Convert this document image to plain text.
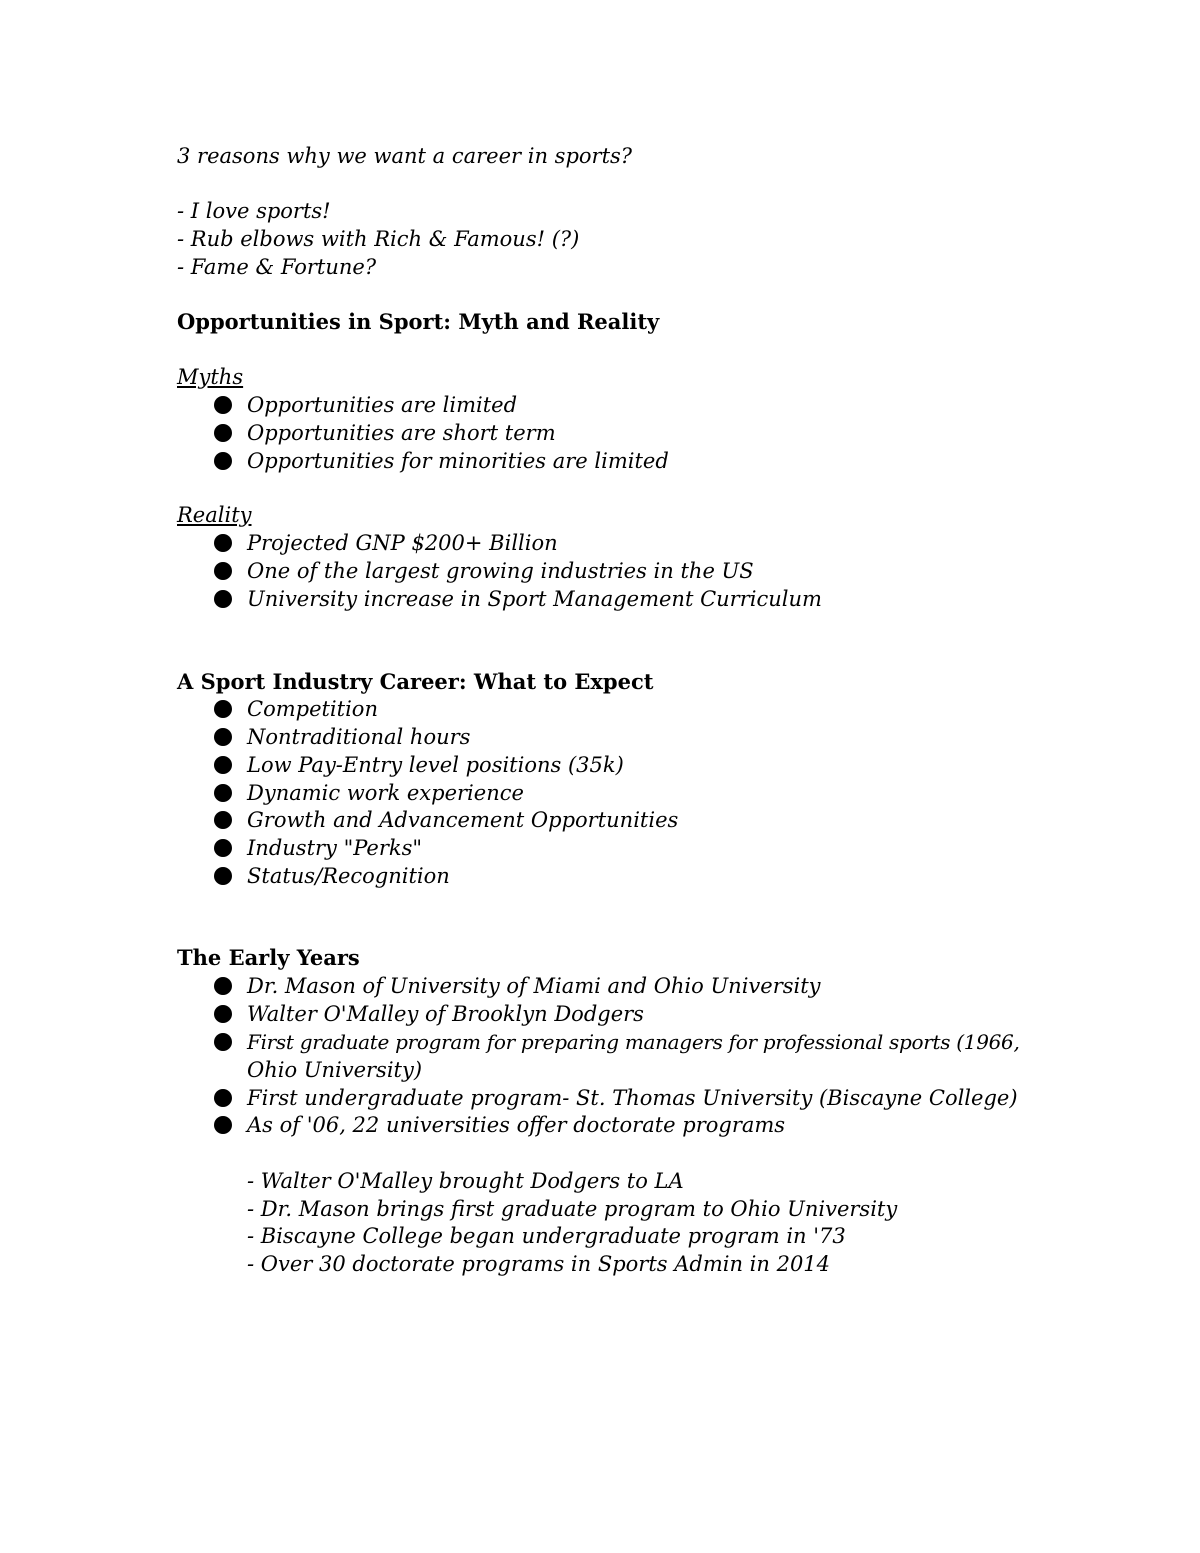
3 reasons why we want a career in sports?
- I love sports!
- Rub elbows with Rich & Famous! (?)
- Fame & Fortune?
Opportunities in Sport: Myth and Reality
Myths
Opportunities are limited
Opportunities are short term
Opportunities for minorities are limited
Reality
Projected GNP $200+ Billion
One of the largest growing industries in the US
University increase in Sport Management Curriculum
A Sport Industry Career: What to Expect
Competition
Nontraditional hours
Low Pay-Entry level positions (35k)
Dynamic work experience
Growth and Advancement Opportunities
Industry "Perks"
Status/Recognition
The Early Years
Dr. Mason of University of Miami and Ohio University
Walter O'Malley of Brooklyn Dodgers
First graduate program for preparing managers for professional sports (1966,
Ohio University)
First undergraduate program- St. Thomas University (Biscayne College)
As of '06, 22 universities offer doctorate programs
- Walter O'Malley brought Dodgers to LA
- Dr. Mason brings first graduate program to Ohio University
- Biscayne College began undergraduate program in '73
- Over 30 doctorate programs in Sports Admin in 2014
